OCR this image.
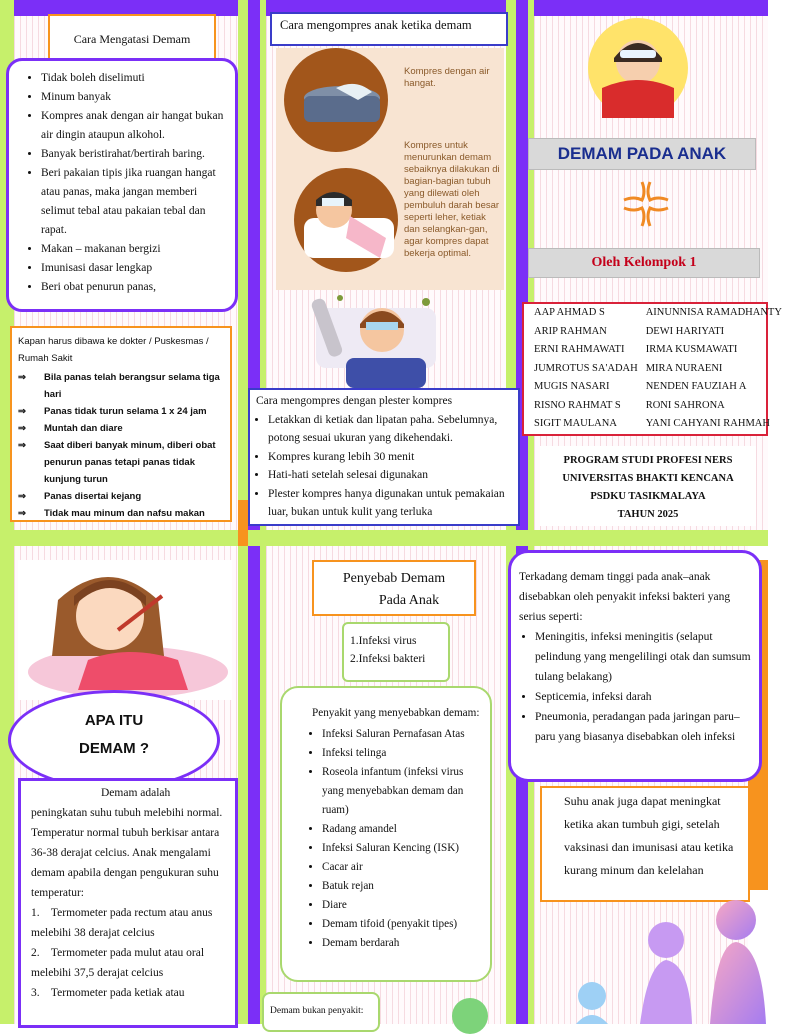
Cara Mengatasi Demam
• Tidak boleh diselimuti
• Minum banyak
• Kompres anak dengan air hangat bukan air dingin ataupun alkohol.
• Banyak beristirahat/bertirah baring.
• Beri pakaian tipis jika ruangan hangat atau panas, maka jangan memberi selimut tebal atau pakaian tebal dan rapat.
• Makan – makanan bergizi
• Imunisasi dasar lengkap
• Beri obat penurun panas,
Kapan harus dibawa ke dokter / Puskesmas / Rumah Sakit
⇒	Bila panas telah berangsur selama tiga hari
⇒	Panas tidak turun selama 1 x 24 jam
⇒	Muntah dan diare
⇒	Saat diberi banyak minum, diberi obat penurun panas tetapi panas tidak kunjung turun
⇒	Panas disertai kejang
⇒	Tidak mau minum dan nafsu makan
Cara mengompres anak ketika demam
Kompres dengan air hangat.
Kompres untuk menurunkan demam sebaiknya dilakukan di bagian-bagian tubuh yang dilewati oleh pembuluh darah besar seperti leher, ketiak dan selangkan-gan, agar kompres dapat bekerja optimal.
Cara mengompres dengan plester kompres
• Letakkan di ketiak dan lipatan paha. Sebelumnya, potong sesuai ukuran yang dikehendaki.
• Kompres kurang lebih 30 menit
• Hati-hati setelah selesai digunakan
• Plester kompres hanya digunakan untuk pemakaian luar, bukan untuk kulit yang terluka
DEMAM PADA ANAK
Oleh Kelompok 1
AAP AHMAD S	AINUNNISA RAMADHANTY
ARIP RAHMAN	DEWI HARIYATI
ERNI RAHMAWATI	IRMA KUSMAWATI
JUMROTUS SA'ADAH	MIRA NURAENI
MUGIS NASARI	NENDEN FAUZIAH A
RISNO RAHMAT S	RONI SAHRONA
SIGIT MAULANA	YANI CAHYANI RAHMAH
PROGRAM STUDI PROFESI NERS
UNIVERSITAS BHAKTI KENCANA
PSDKU TASIKMALAYA
TAHUN 2025
APA ITU
DEMAM ?
Demam adalah peningkatan suhu tubuh melebihi normal. Temperatur normal tubuh berkisar antara 36-38 derajat celcius. Anak mengalami demam apabila dengan pengukuran suhu temperatur:
1.    Termometer pada rectum atau anus melebihi 38 derajat celcius
2.    Termometer pada mulut atau oral melebihi 37,5 derajat celcius
3.    Termometer pada ketiak atau
Penyebab Demam
Pada Anak
1.Infeksi virus
2.Infeksi bakteri
Penyakit yang menyebabkan demam:
• Infeksi Saluran Pernafasan Atas
• Infeksi telinga
• Roseola infantum (infeksi virus yang menyebabkan demam dan ruam)
• Radang amandel
• Infeksi Saluran Kencing (ISK)
• Cacar air
• Batuk rejan
• Diare
• Demam tifoid (penyakit tipes)
• Demam berdarah
Demam bukan penyakit:
Terkadang demam tinggi pada anak–anak disebabkan oleh penyakit infeksi bakteri yang serius seperti:
• Meningitis, infeksi meningitis (selaput pelindung yang mengelilingi otak dan sumsum tulang belakang)
• Septicemia, infeksi darah
• Pneumonia, peradangan pada jaringan paru–paru yang biasanya disebabkan oleh infeksi
Suhu anak juga dapat meningkat ketika akan tumbuh gigi, setelah vaksinasi dan imunisasi atau ketika kurang minum dan kelelahan
